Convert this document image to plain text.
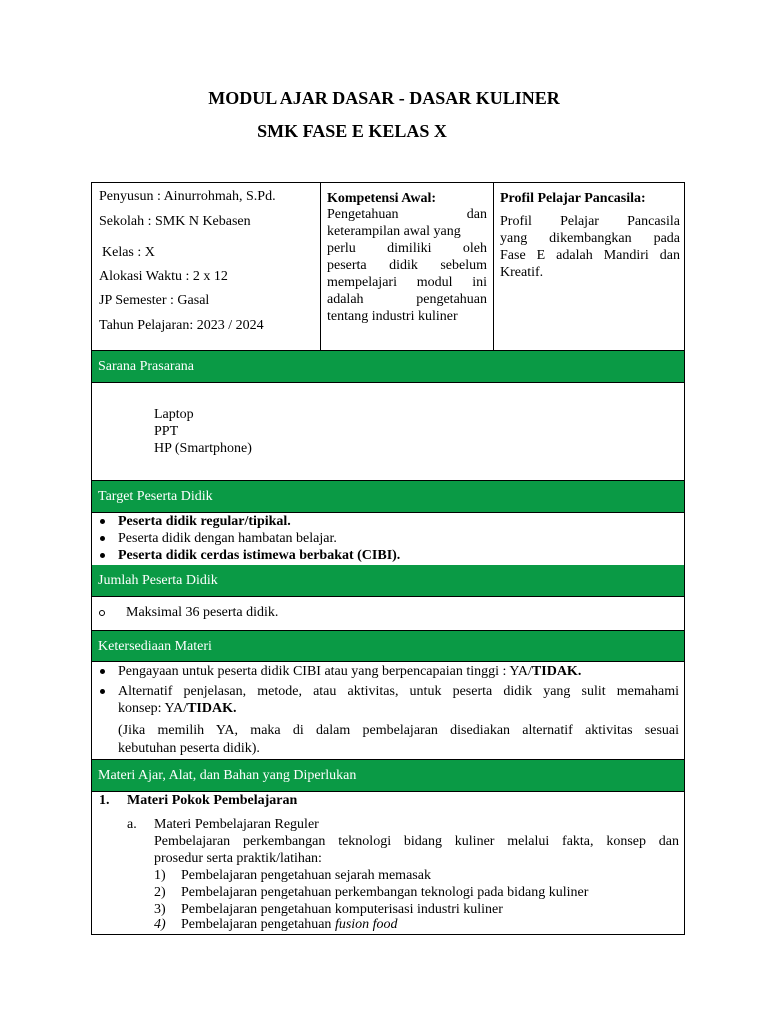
MODUL AJAR DASAR - DASAR KULINER
SMK FASE E KELAS X
Penyusun : Ainurrohmah, S.Pd.
Sekolah : SMK N Kebasen
Kelas : X
Alokasi Waktu : 2 x 12
JP Semester : Gasal
Tahun Pelajaran: 2023 / 2024
Kompetensi Awal:
Pengetahuan dan
keterampilan awal yang
perlu dimiliki oleh
peserta didik sebelum
mempelajari modul ini
adalah pengetahuan
tentang industri kuliner
Profil Pelajar Pancasila:
Profil Pelajar Pancasila
yang dikembangkan pada
Fase E adalah Mandiri dan
Kreatif.
Sarana Prasarana
Laptop
PPT
HP (Smartphone)
Target Peserta Didik
Peserta didik regular/tipikal.
Peserta didik dengan hambatan belajar.
Peserta didik cerdas istimewa berbakat (CIBI).
Jumlah Peserta Didik
Maksimal 36 peserta didik.
Ketersediaan Materi
Pengayaan untuk peserta didik CIBI atau yang berpencapaian tinggi : YA/TIDAK.
Alternatif penjelasan, metode, atau aktivitas, untuk peserta didik yang sulit memahami
konsep: YA/TIDAK.
(Jika memilih YA, maka di dalam pembelajaran disediakan alternatif aktivitas sesuai
kebutuhan peserta didik).
Materi Ajar, Alat, dan Bahan yang Diperlukan
1. Materi Pokok Pembelajaran
a. Materi Pembelajaran Reguler
Pembelajaran perkembangan teknologi bidang kuliner melalui fakta, konsep dan
prosedur serta praktik/latihan:
1) Pembelajaran pengetahuan sejarah memasak
2) Pembelajaran pengetahuan perkembangan teknologi pada bidang kuliner
3) Pembelajaran pengetahuan komputerisasi industri kuliner
4) Pembelajaran pengetahuan fusion food
